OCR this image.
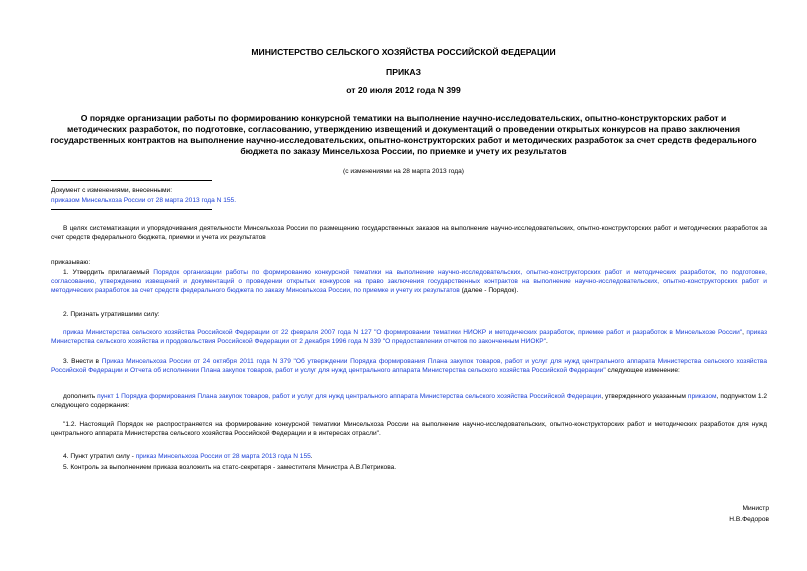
МИНИСТЕРСТВО СЕЛЬСКОГО ХОЗЯЙСТВА РОССИЙСКОЙ ФЕДЕРАЦИИ
ПРИКАЗ
от 20 июля 2012 года N 399
О порядке организации работы по формированию конкурсной тематики на выполнение научно-исследовательских, опытно-конструкторских работ и методических разработок, по подготовке, согласованию, утверждению извещений и документаций о проведении открытых конкурсов на право заключения государственных контрактов на выполнение научно-исследовательских, опытно-конструкторских работ и методических разработок за счет средств федерального бюджета по заказу Минсельхоза России, по приемке и учету их результатов
(с изменениями на 28 марта 2013 года)
Документ с изменениями, внесенными:
приказом Минсельхоза России от 28 марта 2013 года N 155.
В целях систематизации и упорядочивания деятельности Минсельхоза России по размещению государственных заказов на выполнение научно-исследовательских, опытно-конструкторских работ и методических разработок за счет средств федерального бюджета, приемки и учета их результатов
приказываю:
1. Утвердить прилагаемый Порядок организации работы по формированию конкурсной тематики на выполнение научно-исследовательских, опытно-конструкторских работ и методических разработок, по подготовке, согласованию, утверждению извещений и документаций о проведении открытых конкурсов на право заключения государственных контрактов на выполнение научно-исследовательских, опытно-конструкторских работ и методических разработок за счет средств федерального бюджета по заказу Минсельхоза России, по приемке и учету их результатов (далее - Порядок).
2. Признать утратившими силу:
приказ Министерства сельского хозяйства Российской Федерации от 22 февраля 2007 года N 127 "О формировании тематики НИОКР и методических разработок, приемке работ и разработок в Минсельхозе России", приказ Министерства сельского хозяйства и продовольствия Российской Федерации от 2 декабря 1996 года N 339 "О предоставлении отчетов по законченным НИОКР".
3. Внести в Приказ Минсельхоза России от 24 октября 2011 года N 379 "Об утверждении Порядка формирования Плана закупок товаров, работ и услуг для нужд центрального аппарата Министерства сельского хозяйства Российской Федерации и Отчета об исполнении Плана закупок товаров, работ и услуг для нужд центрального аппарата Министерства сельского хозяйства Российской Федерации" следующее изменение:
дополнить пункт 1 Порядка формирования Плана закупок товаров, работ и услуг для нужд центрального аппарата Министерства сельского хозяйства Российской Федерации, утвержденного указанным приказом, подпунктом 1.2 следующего содержания:
"1.2. Настоящий Порядок не распространяется на формирование конкурсной тематики Минсельхоза России на выполнение научно-исследовательских, опытно-конструкторских работ и методических разработок для нужд центрального аппарата Министерства сельского хозяйства Российской Федерации и в интересах отрасли".
4. Пункт утратил силу - приказ Минсельхоза России от 28 марта 2013 года N 155.
5. Контроль за выполнением приказа возложить на статс-секретаря - заместителя Министра А.В.Петрикова.
Министр
Н.В.Федоров
